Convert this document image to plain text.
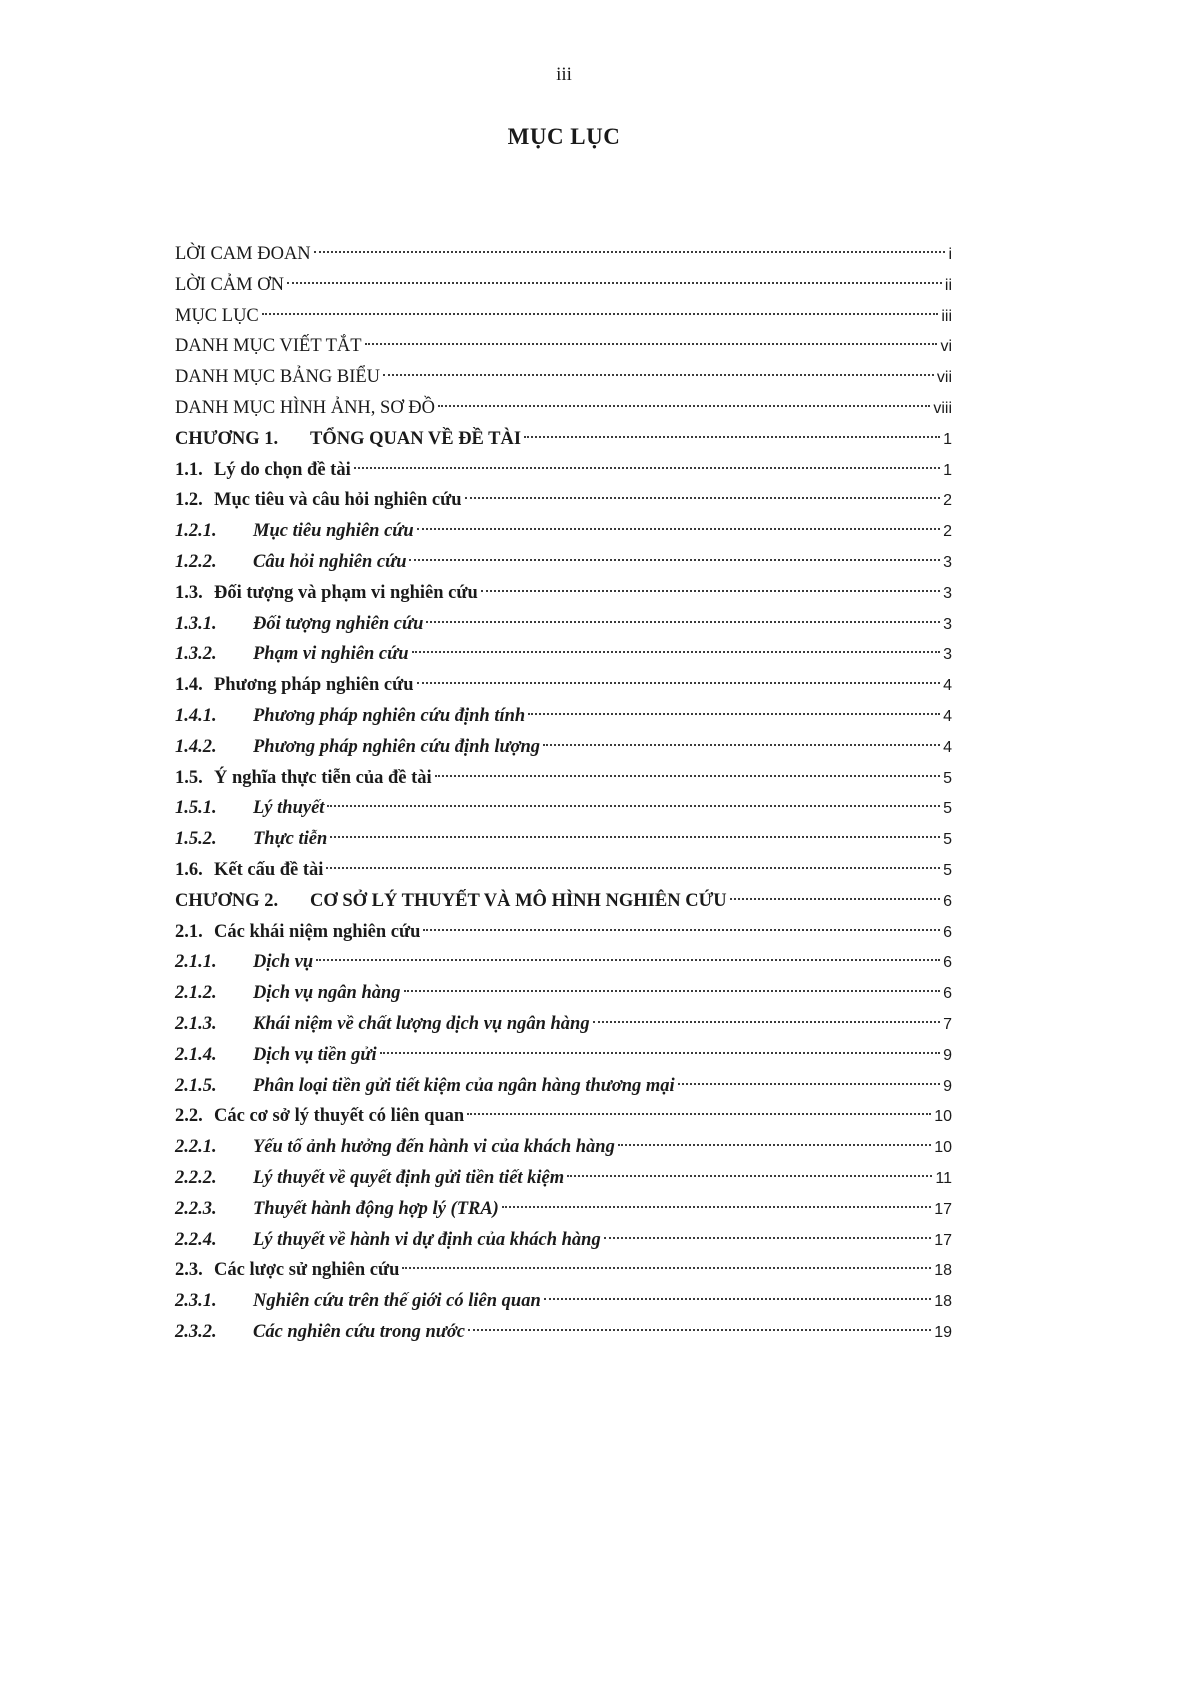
iii
MỤC LỤC
LỜI CAM ĐOAN	i
LỜI CẢM ƠN	ii
MỤC LỤC	iii
DANH MỤC VIẾT TẮT	vi
DANH MỤC BẢNG BIỂU	vii
DANH MỤC HÌNH ẢNH, SƠ ĐỒ	viii
CHƯƠNG 1.	TỔNG QUAN VỀ ĐỀ TÀI	1
1.1. Lý do chọn đề tài	1
1.2. Mục tiêu và câu hỏi nghiên cứu	2
1.2.1.	Mục tiêu nghiên cứu	2
1.2.2.	Câu hỏi nghiên cứu	3
1.3. Đối tượng và phạm vi nghiên cứu	3
1.3.1.	Đối tượng nghiên cứu	3
1.3.2.	Phạm vi nghiên cứu	3
1.4. Phương pháp nghiên cứu	4
1.4.1.	Phương pháp nghiên cứu định tính	4
1.4.2.	Phương pháp nghiên cứu định lượng	4
1.5. Ý nghĩa thực tiễn của đề tài	5
1.5.1.	Lý thuyết	5
1.5.2.	Thực tiễn	5
1.6. Kết cấu đề tài	5
CHƯƠNG 2.	CƠ SỞ LÝ THUYẾT VÀ MÔ HÌNH NGHIÊN CỨU	6
2.1. Các khái niệm nghiên cứu	6
2.1.1.	Dịch vụ	6
2.1.2.	Dịch vụ ngân hàng	6
2.1.3.	Khái niệm về chất lượng dịch vụ ngân hàng	7
2.1.4.	Dịch vụ tiền gửi	9
2.1.5.	Phân loại tiền gửi tiết kiệm của ngân hàng thương mại	9
2.2. Các cơ sở lý thuyết có liên quan	10
2.2.1.	Yếu tố ảnh hưởng đến hành vi của khách hàng	10
2.2.2.	Lý thuyết về quyết định gửi tiền tiết kiệm	11
2.2.3.	Thuyết hành động hợp lý (TRA)	17
2.2.4.	Lý thuyết về hành vi dự định của khách hàng	17
2.3. Các lược sử nghiên cứu	18
2.3.1.	Nghiên cứu trên thế giới có liên quan	18
2.3.2.	Các nghiên cứu trong nước	19
